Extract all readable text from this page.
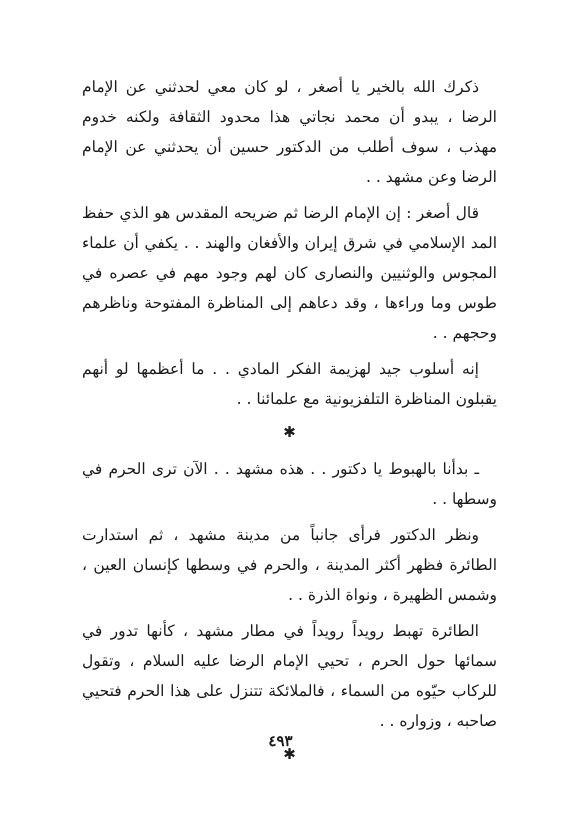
ذكرك الله بالخير يا أصغر ، لو كان معي لحدثني عن الإمام الرضا ، يبدو أن محمد نجاتي هذا محدود الثقافة ولكنه خدوم مهذب ، سوف أطلب من الدكتور حسين أن يحدثني عن الإمام الرضا وعن مشهد . .

قال أصغر : إن الإمام الرضا ثم ضريحه المقدس هو الذي حفظ المد الإسلامي في شرق إيران والأفغان والهند . . يكفي أن علماء المجوس والوثنيين والنصارى كان لهم وجود مهم في عصره في طوس وما وراءها ، وقد دعاهم إلى المناظرة المفتوحة وناظرهم وحجهم . .

إنه أسلوب جيد لهزيمة الفكر المادي . . ما أعظمها لو أنهم يقبلون المناظرة التلفزيونية مع علمائنا . .

✱

ـ بدأنا بالهبوط يا دكتور . . هذه مشهد . . الآن ترى الحرم في وسطها . .

ونظر الدكتور فرأى جانباً من مدينة مشهد ، ثم استدارت الطائرة فظهر أكثر المدينة ، والحرم في وسطها كإنسان العين ، وشمس الظهيرة ، ونواة الذرة . .

الطائرة تهبط رويداً رويداً في مطار مشهد ، كأنها تدور في سمائها حول الحرم ، تحيي الإمام الرضا عليه السلام ، وتقول للركاب حيّوه من السماء ، فالملائكة تتنزل على هذا الحرم فتحيي صاحبه ، وزواره . .

✱
٤٩٣
